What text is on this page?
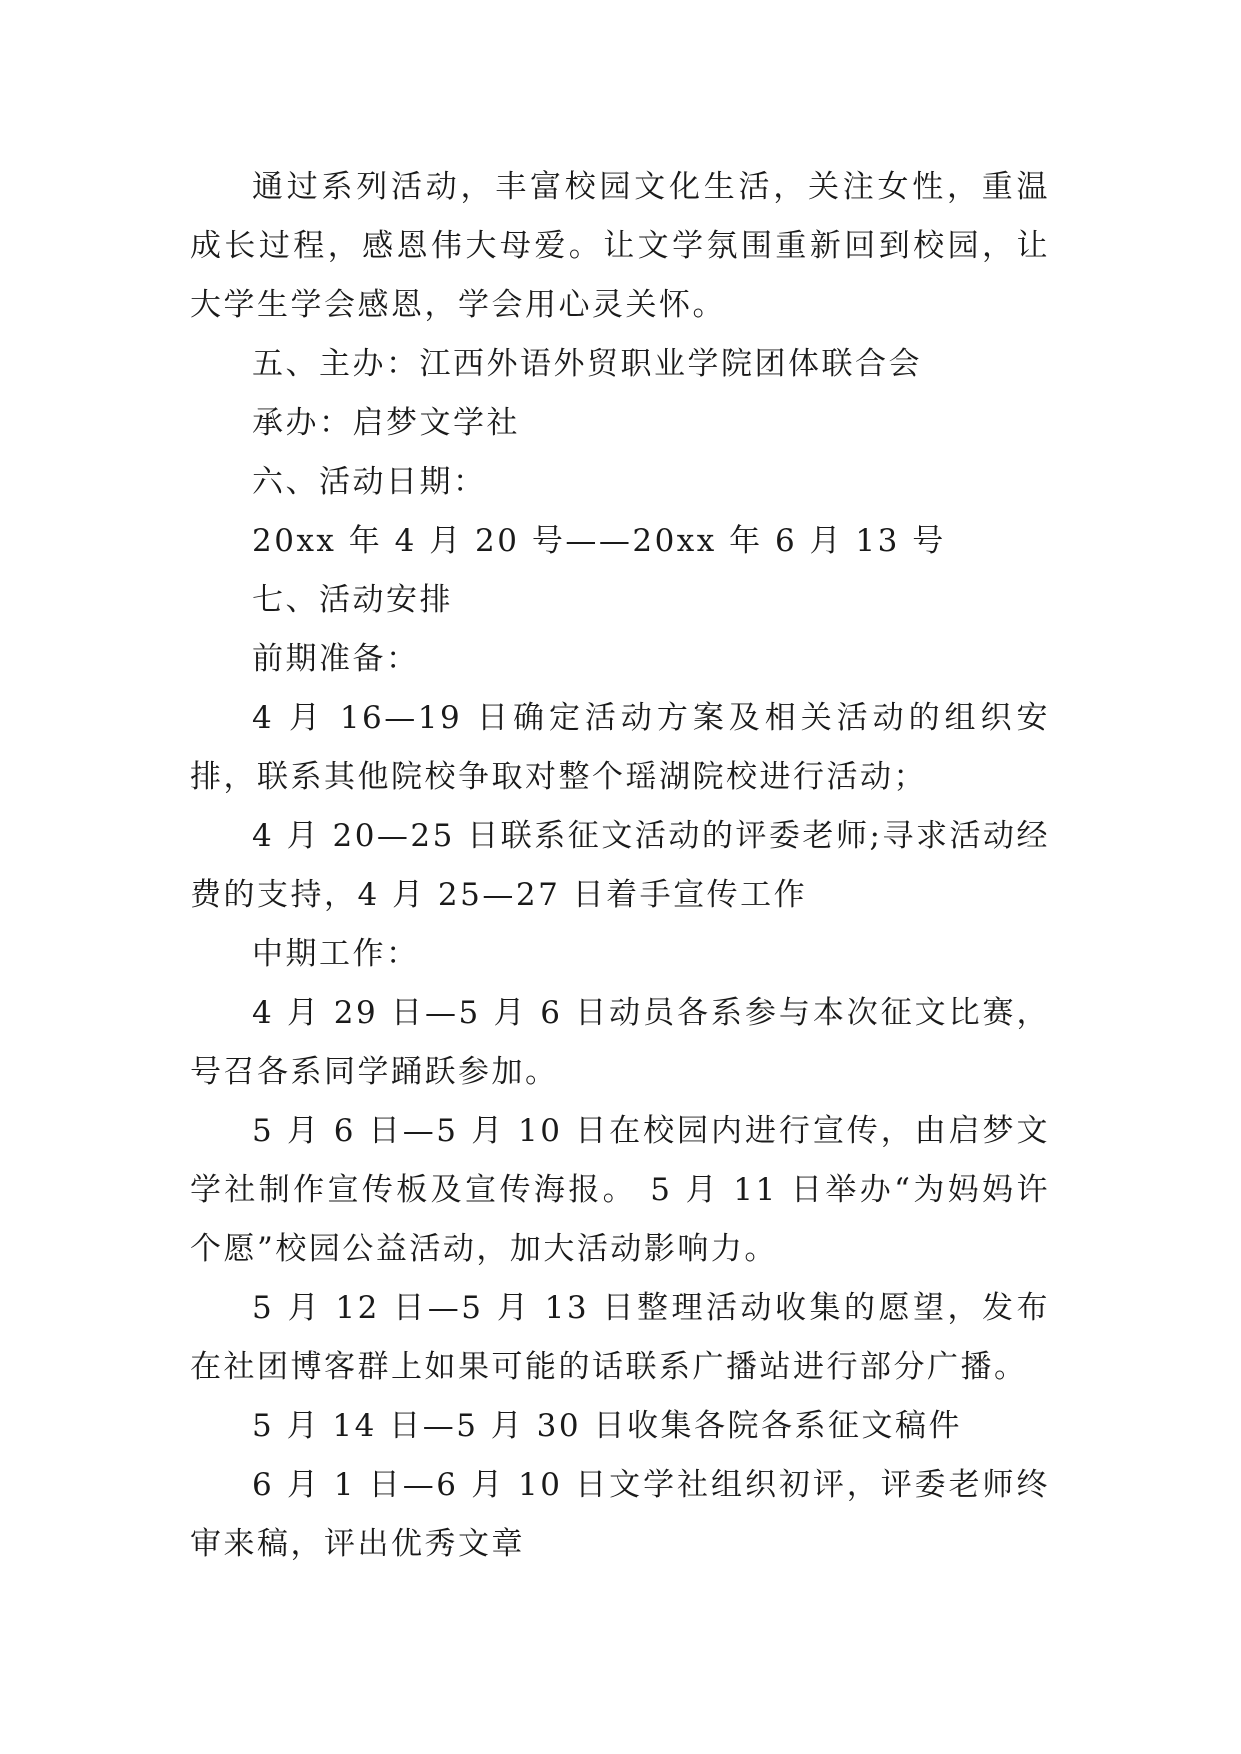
通过系列活动，丰富校园文化生活，关注女性，重温成长过程，感恩伟大母爱。让文学氛围重新回到校园，让大学生学会感恩，学会用心灵关怀。

五、主办：江西外语外贸职业学院团体联合会

承办：启梦文学社

六、活动日期：

20xx 年 4 月 20 号——20xx 年 6 月 13 号

七、活动安排

前期准备：

4 月 16—19 日确定活动方案及相关活动的组织安排，联系其他院校争取对整个瑶湖院校进行活动；

4 月 20—25 日联系征文活动的评委老师;寻求活动经费的支持，4 月 25—27 日着手宣传工作

中期工作：

4 月 29 日—5 月 6 日动员各系参与本次征文比赛，号召各系同学踊跃参加。

5 月 6 日—5 月 10 日在校园内进行宣传，由启梦文学社制作宣传板及宣传海报。 5 月 11 日举办“为妈妈许个愿”校园公益活动，加大活动影响力。

5 月 12 日—5 月 13 日整理活动收集的愿望，发布在社团博客群上如果可能的话联系广播站进行部分广播。

5 月 14 日—5 月 30 日收集各院各系征文稿件

6 月 1 日—6 月 10 日文学社组织初评，评委老师终审来稿，评出优秀文章
